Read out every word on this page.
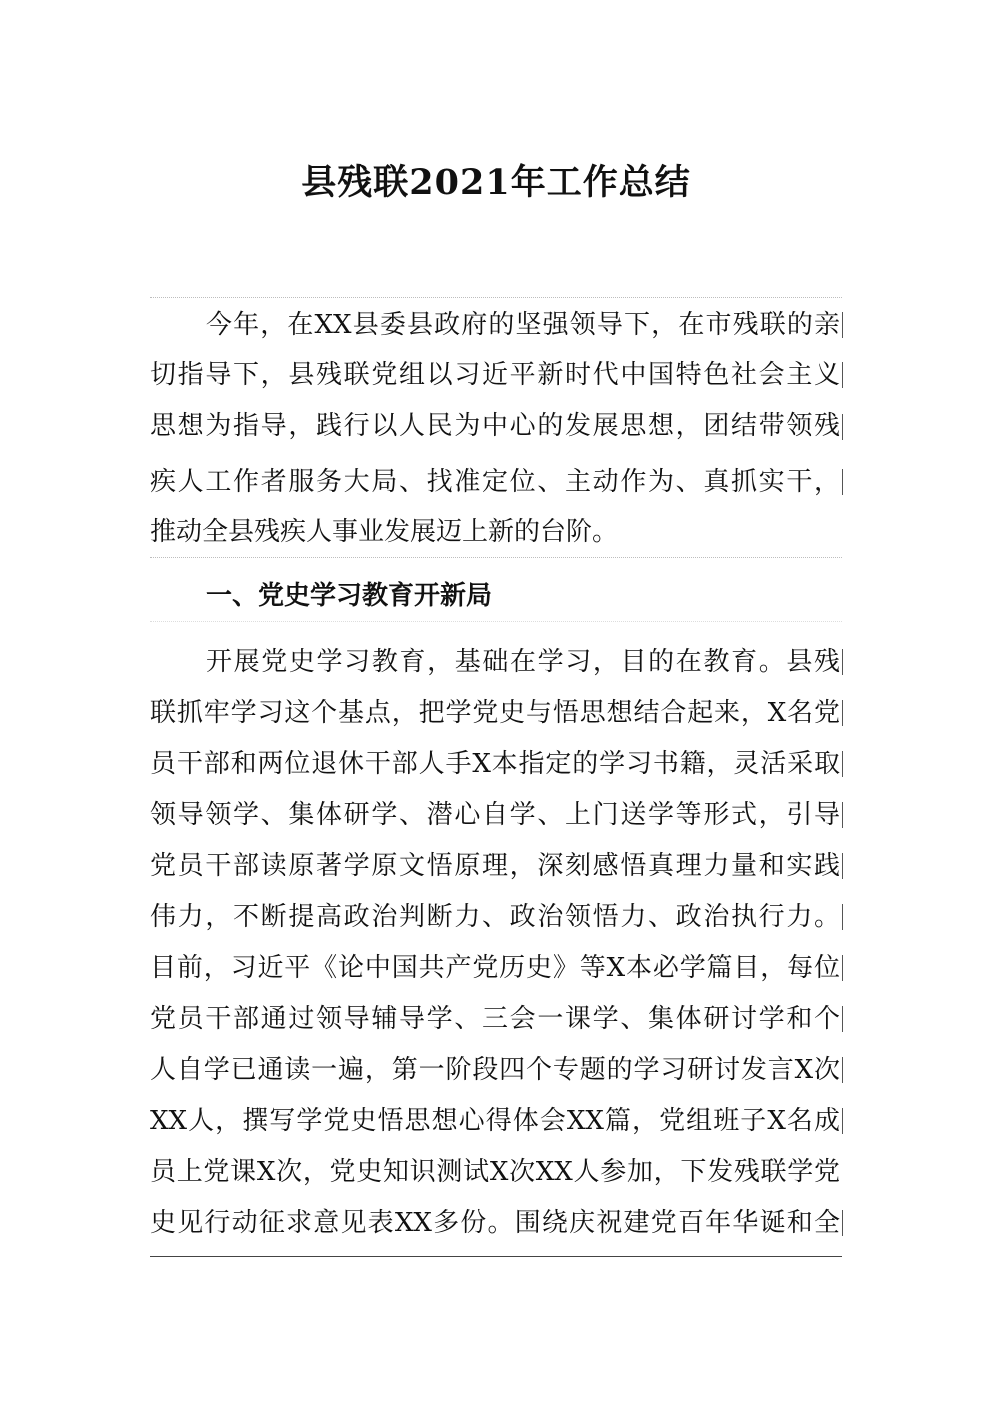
县残联2021年工作总结
今年，在XX县委县政府的坚强领导下，在市残联的亲
切指导下，县残联党组以习近平新时代中国特色社会主义
思想为指导，践行以人民为中心的发展思想，团结带领残
疾人工作者服务大局、找准定位、主动作为、真抓实干，
推动全县残疾人事业发展迈上新的台阶。
一、党史学习教育开新局
开展党史学习教育，基础在学习，目的在教育。县残
联抓牢学习这个基点，把学党史与悟思想结合起来，X名党
员干部和两位退休干部人手X本指定的学习书籍，灵活采取
领导领学、集体研学、潜心自学、上门送学等形式，引导
党员干部读原著学原文悟原理，深刻感悟真理力量和实践
伟力，不断提高政治判断力、政治领悟力、政治执行力。
目前，习近平《论中国共产党历史》等X本必学篇目，每位
党员干部通过领导辅导学、三会一课学、集体研讨学和个
人自学已通读一遍，第一阶段四个专题的学习研讨发言X次
XX人，撰写学党史悟思想心得体会XX篇，党组班子X名成
员上党课X次，党史知识测试X次XX人参加，下发残联学党
史见行动征求意见表XX多份。围绕庆祝建党百年华诞和全
